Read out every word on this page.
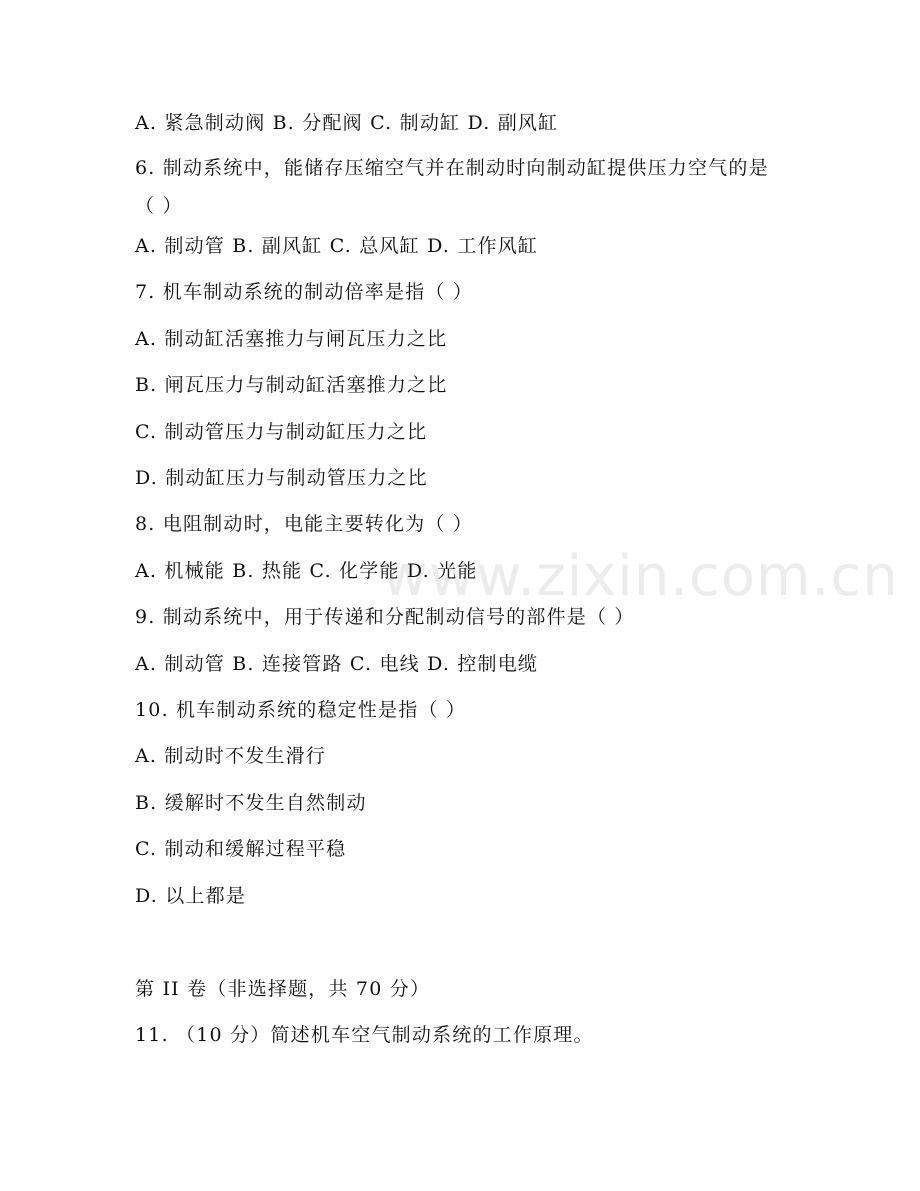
A. 紧急制动阀 B. 分配阀 C. 制动缸 D. 副风缸
6. 制动系统中，能储存压缩空气并在制动时向制动缸提供压力空气的是（ ）
A. 制动管 B. 副风缸 C. 总风缸 D. 工作风缸
7. 机车制动系统的制动倍率是指（ ）
A. 制动缸活塞推力与闸瓦压力之比
B. 闸瓦压力与制动缸活塞推力之比
C. 制动管压力与制动缸压力之比
D. 制动缸压力与制动管压力之比
8. 电阻制动时，电能主要转化为（ ）
A. 机械能 B. 热能 C. 化学能 D. 光能
9. 制动系统中，用于传递和分配制动信号的部件是（ ）
A. 制动管 B. 连接管路 C. 电线 D. 控制电缆
10. 机车制动系统的稳定性是指（ ）
A. 制动时不发生滑行
B. 缓解时不发生自然制动
C. 制动和缓解过程平稳
D. 以上都是
第 II 卷（非选择题，共 70 分）
11. （10 分）简述机车空气制动系统的工作原理。
www.zixin.com.cn
